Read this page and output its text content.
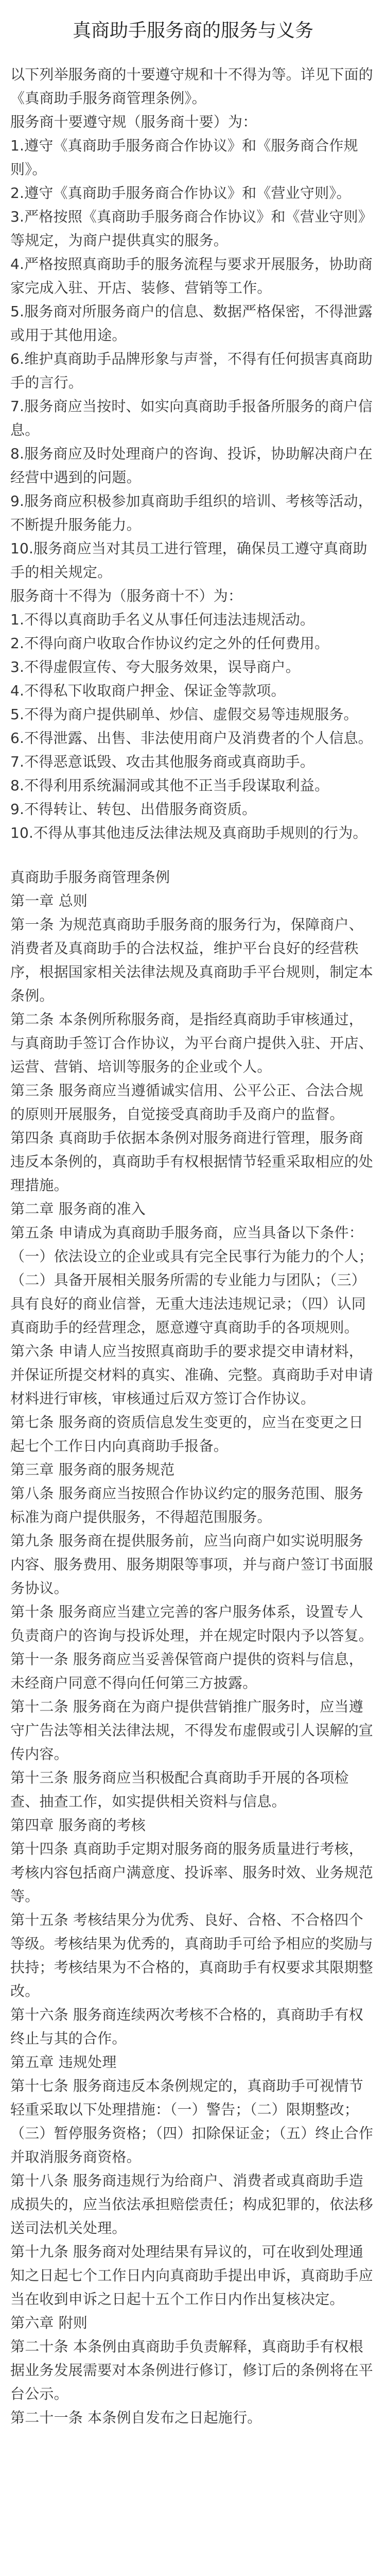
真商助手服务商的服务与义务

以下列举服务商的十要遵守规和十不得为等。详见下面的《真商助手服务商管理条例》。

服务商十要遵守规（服务商十要）为：

1.遵守《真商助手服务商合作协议》和《服务商合作规则》。

2.遵守《真商助手服务商合作协议》和《营业守则》。

3.严格按照《真商助手服务商合作协议》和《营业守则》等规定，为商户提供真实的服务。

4.严格按照真商助手的服务流程与要求开展服务，协助商家完成入驻、开店、装修、营销等工作。

5.服务商对所服务商户的信息、数据严格保密，不得泄露或用于其他用途。

6.维护真商助手品牌形象与声誉，不得有任何损害真商助手的言行。

7.服务商应当按时、如实向真商助手报备所服务的商户信息。

8.服务商应及时处理商户的咨询、投诉，协助解决商户在经营中遇到的问题。

9.服务商应积极参加真商助手组织的培训、考核等活动，不断提升服务能力。

10.服务商应当对其员工进行管理，确保员工遵守真商助手的相关规定。

服务商十不得为（服务商十不）为：

1.不得以真商助手名义从事任何违法违规活动。

2.不得向商户收取合作协议约定之外的任何费用。

3.不得虚假宣传、夸大服务效果，误导商户。

4.不得私下收取商户押金、保证金等款项。

5.不得为商户提供刷单、炒信、虚假交易等违规服务。

6.不得泄露、出售、非法使用商户及消费者的个人信息。

7.不得恶意诋毁、攻击其他服务商或真商助手。

8.不得利用系统漏洞或其他不正当手段谋取利益。

9.不得转让、转包、出借服务商资质。

10.不得从事其他违反法律法规及真商助手规则的行为。

真商助手服务商管理条例

第一章 总则

第一条 为规范真商助手服务商的服务行为，保障商户、消费者及真商助手的合法权益，维护平台良好的经营秩序，根据国家相关法律法规及真商助手平台规则，制定本条例。

第二条 本条例所称服务商，是指经真商助手审核通过，与真商助手签订合作协议，为平台商户提供入驻、开店、运营、营销、培训等服务的企业或个人。

第三条 服务商应当遵循诚实信用、公平公正、合法合规的原则开展服务，自觉接受真商助手及商户的监督。

第四条 真商助手依据本条例对服务商进行管理，服务商违反本条例的，真商助手有权根据情节轻重采取相应的处理措施。

第二章 服务商的准入

第五条 申请成为真商助手服务商，应当具备以下条件：（一）依法设立的企业或具有完全民事行为能力的个人；（二）具备开展相关服务所需的专业能力与团队；（三）具有良好的商业信誉，无重大违法违规记录；（四）认同真商助手的经营理念，愿意遵守真商助手的各项规则。

第六条 申请人应当按照真商助手的要求提交申请材料，并保证所提交材料的真实、准确、完整。真商助手对申请材料进行审核，审核通过后双方签订合作协议。

第七条 服务商的资质信息发生变更的，应当在变更之日起七个工作日内向真商助手报备。

第三章 服务商的服务规范

第八条 服务商应当按照合作协议约定的服务范围、服务标准为商户提供服务，不得超范围服务。

第九条 服务商在提供服务前，应当向商户如实说明服务内容、服务费用、服务期限等事项，并与商户签订书面服务协议。

第十条 服务商应当建立完善的客户服务体系，设置专人负责商户的咨询与投诉处理，并在规定时限内予以答复。

第十一条 服务商应当妥善保管商户提供的资料与信息，未经商户同意不得向任何第三方披露。

第十二条 服务商在为商户提供营销推广服务时，应当遵守广告法等相关法律法规，不得发布虚假或引人误解的宣传内容。

第十三条 服务商应当积极配合真商助手开展的各项检查、抽查工作，如实提供相关资料与信息。

第四章 服务商的考核

第十四条 真商助手定期对服务商的服务质量进行考核，考核内容包括商户满意度、投诉率、服务时效、业务规范等。

第十五条 考核结果分为优秀、良好、合格、不合格四个等级。考核结果为优秀的，真商助手可给予相应的奖励与扶持；考核结果为不合格的，真商助手有权要求其限期整改。

第十六条 服务商连续两次考核不合格的，真商助手有权终止与其的合作。

第五章 违规处理

第十七条 服务商违反本条例规定的，真商助手可视情节轻重采取以下处理措施：（一）警告；（二）限期整改；（三）暂停服务资格；（四）扣除保证金；（五）终止合作并取消服务商资格。

第十八条 服务商违规行为给商户、消费者或真商助手造成损失的，应当依法承担赔偿责任；构成犯罪的，依法移送司法机关处理。

第十九条 服务商对处理结果有异议的，可在收到处理通知之日起七个工作日内向真商助手提出申诉，真商助手应当在收到申诉之日起十五个工作日内作出复核决定。

第六章 附则

第二十条 本条例由真商助手负责解释，真商助手有权根据业务发展需要对本条例进行修订，修订后的条例将在平台公示。

第二十一条 本条例自发布之日起施行。
